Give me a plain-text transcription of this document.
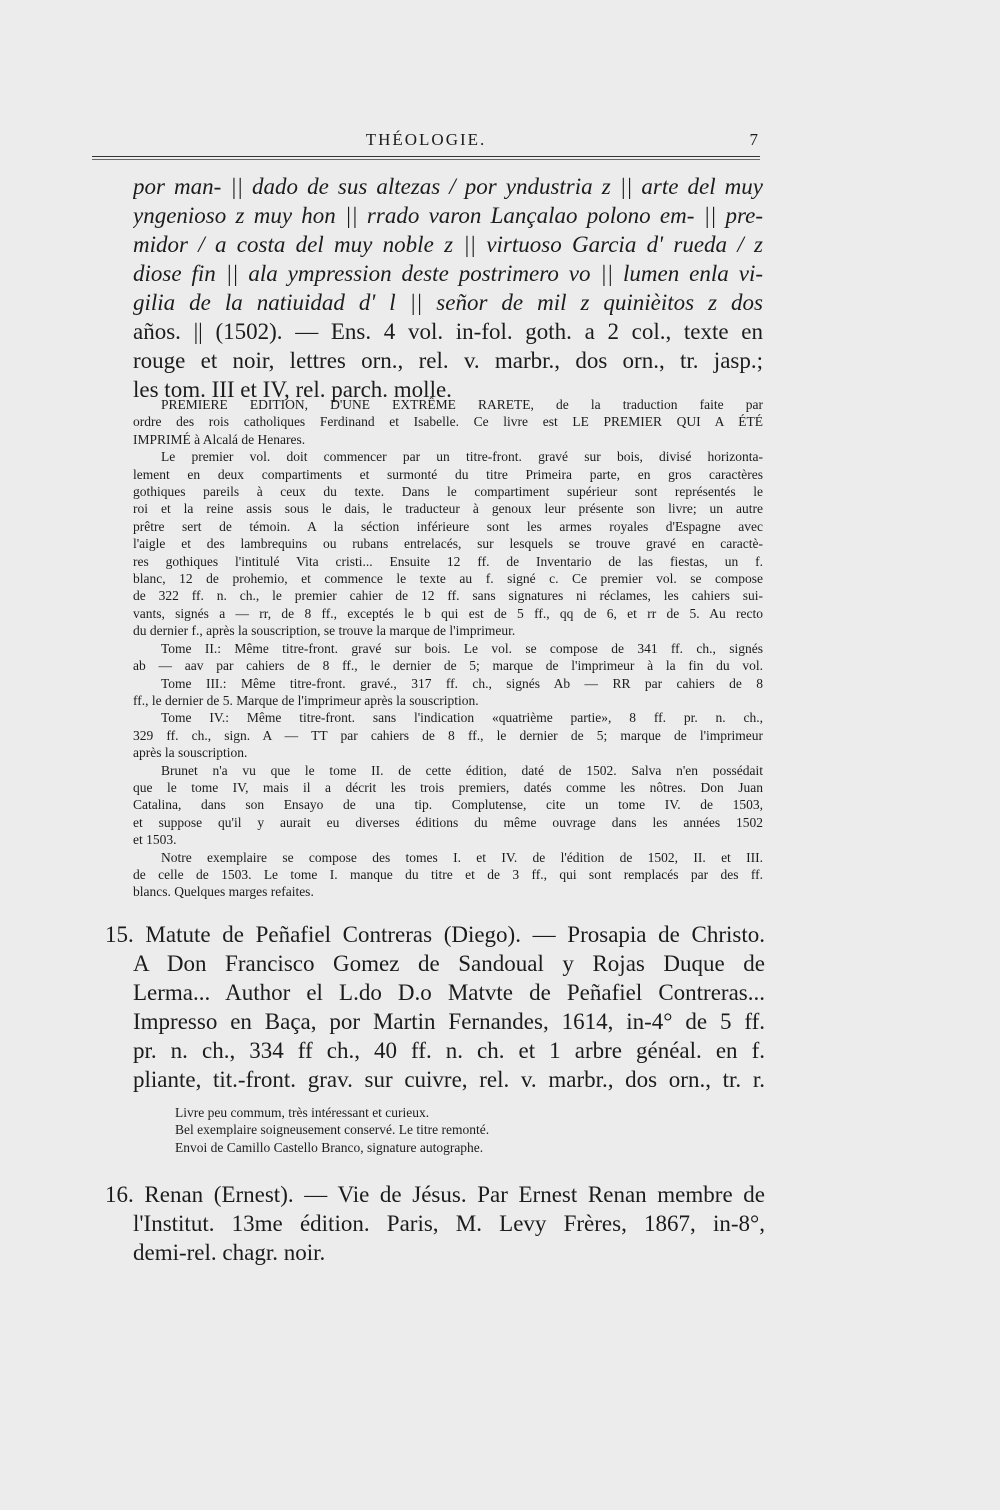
THÉOLOGIE.	7
por man- || dado de sus altezas / por yndustria z || arte del muy
yngenioso z muy hon || rrado varon Lançalao polono em- || pre-
midor / a costa del muy noble z || virtuoso Garcia d' rueda / z
diose fin || ala ympression deste postrimero vo || lumen enla vi-
gilia de la natiuidad d' l || señor de mil z quinièitos z dos
años. || (1502). — Ens. 4 vol. in-fol. goth. a 2 col., texte en
rouge et noir, lettres orn., rel. v. marbr., dos orn., tr. jasp.;
les tom. III et IV, rel. parch. molle.
PREMIERE EDITION, D'UNE EXTRÊME RARETE, de la traduction faite par
ordre des rois catholiques Ferdinand et Isabelle. Ce livre est LE PREMIER QUI A ÉTÉ
IMPRIMÉ à Alcalá de Henares.
Le premier vol. doit commencer par un titre-front. gravé sur bois, divisé horizonta-
lement en deux compartiments et surmonté du titre Primeira parte, en gros caractères
gothiques pareils à ceux du texte. Dans le compartiment supérieur sont représentés le
roi et la reine assis sous le dais, le traducteur à genoux leur présente son livre; un autre
prêtre sert de témoin. A la séction inférieure sont les armes royales d'Espagne avec
l'aigle et des lambrequins ou rubans entrelacés, sur lesquels se trouve gravé en caractè-
res gothiques l'intitulé Vita cristi... Ensuite 12 ff. de Inventario de las fiestas, un f.
blanc, 12 de prohemio, et commence le texte au f. signé c. Ce premier vol. se compose
de 322 ff. n. ch., le premier cahier de 12 ff. sans signatures ni réclames, les cahiers sui-
vants, signés a — rr, de 8 ff., exceptés le b qui est de 5 ff., qq de 6, et rr de 5. Au recto
du dernier f., après la souscription, se trouve la marque de l'imprimeur.
Tome II.: Même titre-front. gravé sur bois. Le vol. se compose de 341 ff. ch., signés
ab — aav par cahiers de 8 ff., le dernier de 5; marque de l'imprimeur à la fin du vol.
Tome III.: Même titre-front. gravé., 317 ff. ch., signés Ab — RR par cahiers de 8
ff., le dernier de 5. Marque de l'imprimeur après la souscription.
Tome IV.: Même titre-front. sans l'indication «quatrième partie», 8 ff. pr. n. ch.,
329 ff. ch., sign. A — TT par cahiers de 8 ff., le dernier de 5; marque de l'imprimeur
après la souscription.
Brunet n'a vu que le tome II. de cette édition, daté de 1502. Salva n'en possédait
que le tome IV, mais il a décrit les trois premiers, datés comme les nôtres. Don Juan
Catalina, dans son Ensayo de una tip. Complutense, cite un tome IV. de 1503,
et suppose qu'il y aurait eu diverses éditions du même ouvrage dans les années 1502
et 1503.
Notre exemplaire se compose des tomes I. et IV. de l'édition de 1502, II. et III.
de celle de 1503. Le tome I. manque du titre et de 3 ff., qui sont remplacés par des ff.
blancs. Quelques marges refaites.
15. Matute de Peñafiel Contreras (Diego). — Prosapia de Christo.
A Don Francisco Gomez de Sandoual y Rojas Duque de
Lerma... Author el L.do D.o Matvte de Peñafiel Contreras...
Impresso en Baça, por Martin Fernandes, 1614, in-4° de 5 ff.
pr. n. ch., 334 ff ch., 40 ff. n. ch. et 1 arbre généal. en f.
pliante, tit.-front. grav. sur cuivre, rel. v. marbr., dos orn., tr. r.
Livre peu commum, très intéressant et curieux.
Bel exemplaire soigneusement conservé. Le titre remonté.
Envoi de Camillo Castello Branco, signature autographe.
16. Renan (Ernest). — Vie de Jésus. Par Ernest Renan membre de
l'Institut. 13me édition. Paris, M. Levy Frères, 1867, in-8°,
demi-rel. chagr. noir.
